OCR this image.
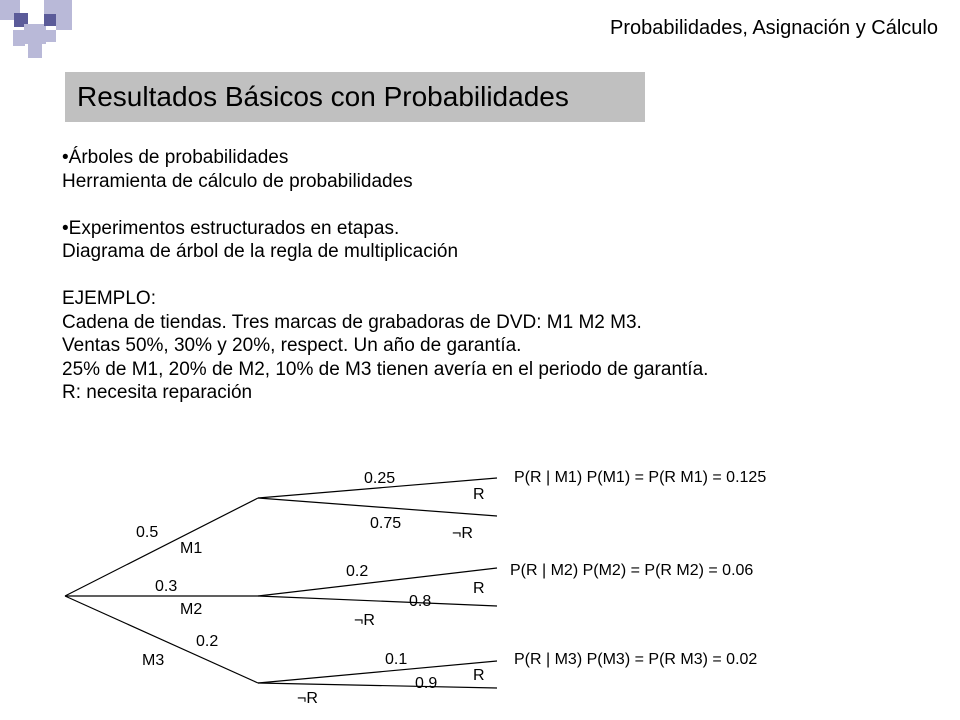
Probabilidades, Asignación y Cálculo
Resultados Básicos con Probabilidades
•Árboles de probabilidades
Herramienta de cálculo de probabilidades
•Experimentos estructurados en etapas.
Diagrama de árbol de la regla de multiplicación
EJEMPLO:
Cadena de tiendas. Tres marcas de grabadoras de DVD: M1 M2 M3.
Ventas 50%, 30% y 20%, respect. Un año de garantía.
25% de M1, 20% de M2, 10% de M3 tienen avería en el periodo de garantía.
R: necesita reparación
0.5
M1
0.3
M2
0.2
M3
0.25
R
0.75
¬R
0.2
R
0.8
¬R
0.1
R
0.9
¬R
P(R | M1) P(M1) = P(R M1) = 0.125
P(R | M2) P(M2) = P(R M2) = 0.06
P(R | M3) P(M3) = P(R M3) = 0.02
